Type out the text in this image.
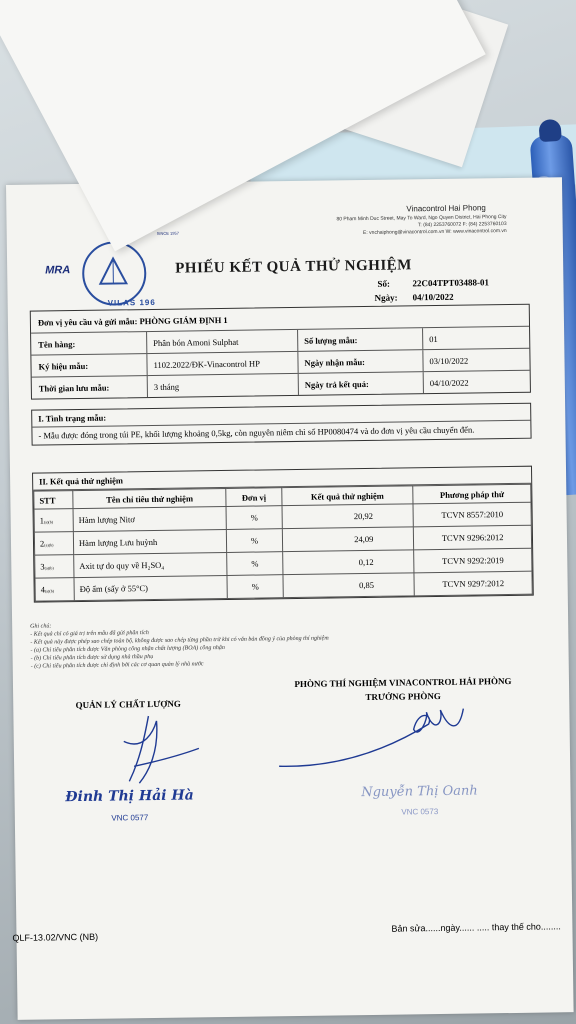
Vinacontrol Hai Phong
80 Pham Minh Duc Street, May To Ward, Ngo Quyen District, Hai Phong City
T: (84) 2253760072 F: (84) 2253760103
E: vnchaiphong@vinacontrol.com.vn W: www.vinacontrol.com.vn
SINCE 1957
MRA
VILAS 196
PHIẾU KẾT QUẢ THỬ NGHIỆM
Số: 22C04TPT03488-01
Ngày: 04/10/2022
Đơn vị yêu cầu và gửi mẫu: PHÒNG GIÁM ĐỊNH 1
Tên hàng:	Phân bón Amoni Sulphat	Số lượng mẫu:	01
Ký hiệu mẫu:	1102.2022/ĐK-Vinacontrol HP	Ngày nhận mẫu:	03/10/2022
Thời gian lưu mẫu:	3 tháng	Ngày trả kết quả:	04/10/2022
I. Tình trạng mẫu:
- Mẫu được đóng trong túi PE, khối lượng khoảng 0,5kg, còn nguyên niêm chì số HP0080474 và do đơn vị yêu cầu chuyển đến.
II. Kết quả thử nghiệm
STT	Tên chỉ tiêu thử nghiệm	Đơn vị	Kết quả thử nghiệm	Phương pháp thử
1(a)(b)	Hàm lượng Nitơ	%	20,92	TCVN 8557:2010
2(a)(b)	Hàm lượng Lưu huỳnh	%	24,09	TCVN 9296:2012
3(a)(b)	Axit tự do quy về H₂SO₄	%	0,12	TCVN 9292:2019
4(a)(b)	Độ ẩm (sấy ở 55°C)	%	0,85	TCVN 9297:2012
Ghi chú:
- Kết quả chỉ có giá trị trên mẫu đã gửi phân tích
- Kết quả này được phép sao chép toàn bộ, không được sao chép từng phần trừ khi có văn bản đồng ý của phòng thí nghiệm
- (a) Chỉ tiêu phân tích được Văn phòng công nhận chất lượng (BOA) công nhận
- (b) Chỉ tiêu phân tích được sử dụng nhà thầu phụ
- (c) Chỉ tiêu phân tích được chỉ định bởi các cơ quan quản lý nhà nước
PHÒNG THÍ NGHIỆM VINACONTROL HẢI PHÒNG
TRƯỞNG PHÒNG
QUẢN LÝ CHẤT LƯỢNG
Đinh Thị Hải Hà
VNC 0577
Nguyễn Thị Oanh
VNC 0573
QLF-13.02/VNC (NB)
Bản sửa......ngày...... ..... thay thế cho........
